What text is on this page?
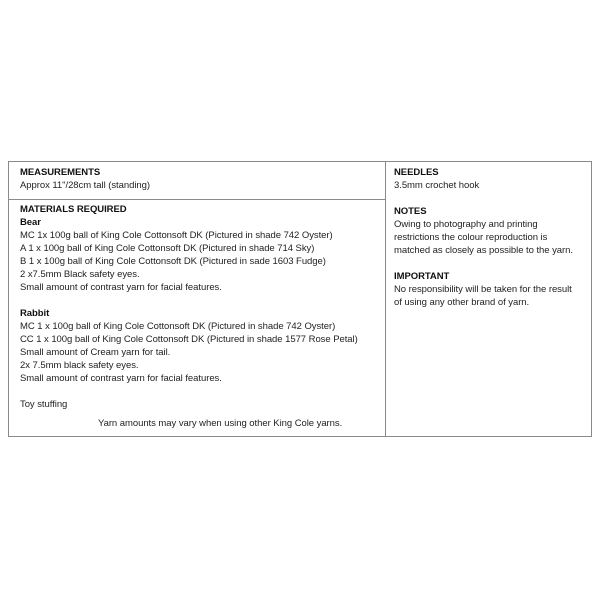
MEASUREMENTS
Approx 11"/28cm tall (standing)
MATERIALS REQUIRED
Bear
MC 1x 100g ball of King Cole Cottonsoft DK (Pictured in shade 742 Oyster)
A 1 x 100g ball of King Cole Cottonsoft DK (Pictured in shade 714 Sky)
B 1 x 100g ball of King Cole Cottonsoft DK (Pictured in sade 1603 Fudge)
2 x7.5mm Black safety eyes.
Small amount of contrast yarn for facial features.
Rabbit
MC 1 x 100g ball of King Cole Cottonsoft DK (Pictured in shade 742 Oyster)
CC 1 x 100g ball of King Cole Cottonsoft DK (Pictured in shade 1577 Rose Petal)
Small amount of Cream yarn for tail.
2x 7.5mm black safety eyes.
Small amount of contrast yarn for facial features.
Toy stuffing
Yarn amounts may vary when using other King Cole yarns.
NEEDLES
3.5mm crochet hook
NOTES
Owing to photography and printing
restrictions the colour reproduction is
matched as closely as possible to the yarn.
IMPORTANT
No responsibility will be taken for the result
of using any other brand of yarn.
